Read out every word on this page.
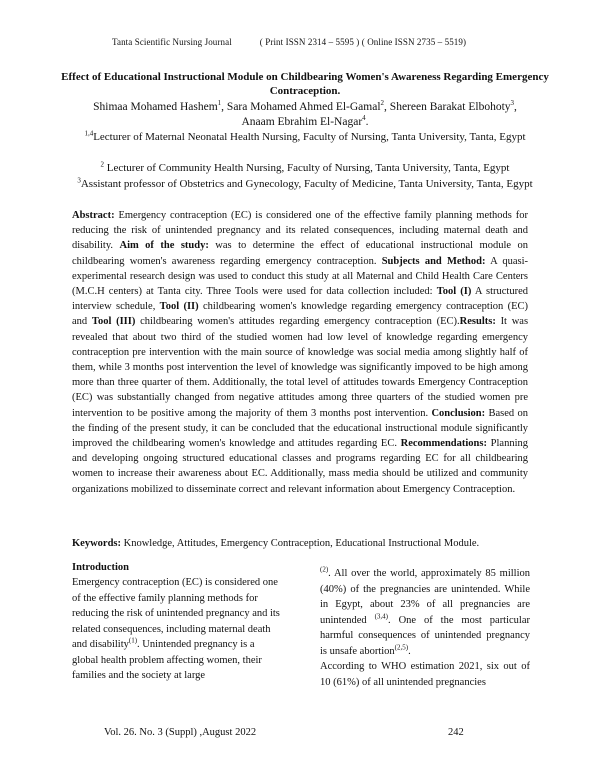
Tanta Scientific Nursing Journal	( Print ISSN 2314 – 5595 ) ( Online ISSN 2735 – 5519)
Effect of Educational Instructional Module on Childbearing Women's Awareness Regarding Emergency Contraception.
Shimaa Mohamed Hashem$^1$, Sara Mohamed Ahmed El-Gamal$^2$, Shereen Barakat Elbohoty$^3$,
Anaam Ebrahim El-Nagar$^4$.
$^{1,4}$Lecturer of Maternal Neonatal Health Nursing, Faculty of Nursing, Tanta University, Tanta, Egypt
$^2$ Lecturer of Community Health Nursing, Faculty of Nursing, Tanta University, Tanta, Egypt
$^3$Assistant professor of Obstetrics and Gynecology, Faculty of Medicine, Tanta University, Tanta, Egypt
Abstract: Emergency contraception (EC) is considered one of the effective family planning methods for reducing the risk of unintended pregnancy and its related consequences, including maternal death and disability. Aim of the study: was to determine the effect of educational instructional module on childbearing women's awareness regarding emergency contraception. Subjects and Method: A quasi-experimental research design was used to conduct this study at all Maternal and Child Health Care Centers (M.C.H centers) at Tanta city. Three Tools were used for data collection included: Tool (I) A structured interview schedule, Tool (II) childbearing women's knowledge regarding emergency contraception (EC) and Tool (III) childbearing women's attitudes regarding emergency contraception (EC).Results: It was revealed that about two third of the studied women had low level of knowledge regarding emergency contraception pre intervention with the main source of knowledge was social media among slightly half of them, while 3 months post intervention the level of knowledge was significantly impoved to be high among more than three quarter of them. Additionally, the total level of attitudes towards Emergency Contraception (EC) was substantially changed from negative attitudes among three quarters of the studied women pre intervention to be positive among the majority of them 3 months post intervention. Conclusion: Based on the finding of the present study, it can be concluded that the educational instructional module significantly improved the childbearing women's knowledge and attitudes regarding EC. Recommendations: Planning and developing ongoing structured educational classes and programs regarding EC for all childbearing women to increase their awareness about EC. Additionally, mass media should be utilized and community organizations mobilized to disseminate correct and relevant information about Emergency Contraception.
Keywords: Knowledge, Attitudes, Emergency Contraception, Educational Instructional Module.
Introduction
Emergency contraception (EC) is considered one of the effective family planning methods for reducing the risk of unintended pregnancy and its related consequences, including maternal death and disability$^{(1)}$. Unintended pregnancy is a global health problem affecting women, their families and the society at large
$^{(2)}$. All over the world, approximately 85 million (40%) of the pregnancies are unintended. While in Egypt, about 23% of all pregnancies are unintended $^{(3,4)}$. One of the most particular harmful consequences of unintended pregnancy is unsafe abortion$^{(2,5)}$.
According to WHO estimation 2021, six out of 10 (61%) of all unintended pregnancies
Vol. 26. No. 3 (Suppl) ,August 2022	242
